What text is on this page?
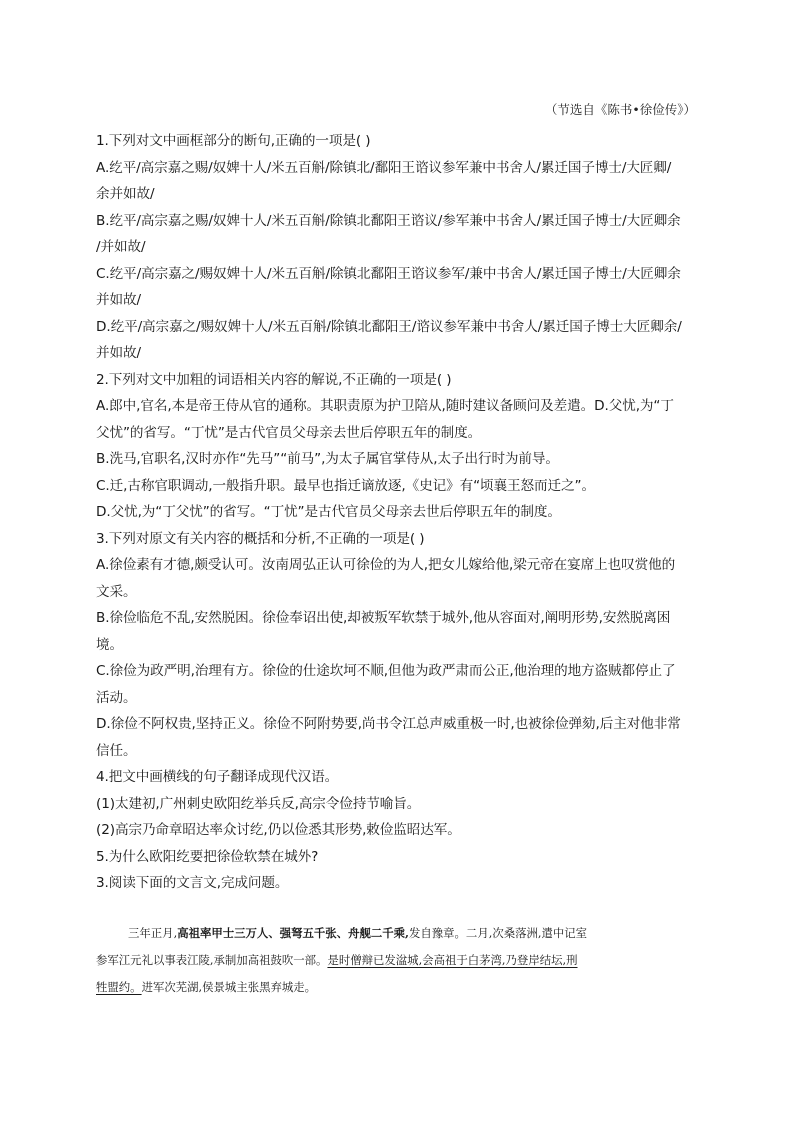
（节选自《陈书•徐俭传》）
1.下列对文中画框部分的断句,正确的一项是( )
A.纥平/高宗嘉之赐/奴婢十人/米五百斛/除镇北/鄱阳王谘议参军兼中书舍人/累迁国子博士/大匠卿/
余并如故/
B.纥平/高宗嘉之赐/奴婢十人/米五百斛/除镇北鄱阳王谘议/参军兼中书舍人/累迁国子博士/大匠卿余
/并如故/
C.纥平/高宗嘉之/赐奴婢十人/米五百斛/除镇北鄱阳王谘议参军/兼中书舍人/累迁国子博士/大匠卿余
并如故/
D.纥平/高宗嘉之/赐奴婢十人/米五百斛/除镇北鄱阳王/谘议参军兼中书舍人/累迁国子博士大匠卿余/
并如故/
2.下列对文中加粗的词语相关内容的解说,不正确的一项是( )
A.郎中,官名,本是帝王侍从官的通称。其职责原为护卫陪从,随时建议备顾问及差遣。D.父忧,为“丁
父忧”的省写。“丁忧”是古代官员父母亲去世后停职五年的制度。
B.洗马,官职名,汉时亦作“先马”“前马”,为太子属官掌侍从,太子出行时为前导。
C.迁,古称官职调动,一般指升职。最早也指迁谪放逐,《史记》有“顷襄王怒而迁之”。
D.父忧,为“丁父忧”的省写。“丁忧”是古代官员父母亲去世后停职五年的制度。
3.下列对原文有关内容的概括和分析,不正确的一项是( )
A.徐俭素有才德,颇受认可。汝南周弘正认可徐俭的为人,把女儿嫁给他,梁元帝在宴席上也叹赏他的
文采。
B.徐俭临危不乱,安然脱困。徐俭奉诏出使,却被叛军软禁于城外,他从容面对,阐明形势,安然脱离困
境。
C.徐俭为政严明,治理有方。徐俭的仕途坎坷不顺,但他为政严肃而公正,他治理的地方盗贼都停止了
活动。
D.徐俭不阿权贵,坚持正义。徐俭不阿附势要,尚书令江总声威重极一时,也被徐俭弹劾,后主对他非常
信任。
4.把文中画横线的句子翻译成现代汉语。
(1)太建初,广州刺史欧阳纥举兵反,高宗令俭持节喻旨。
(2)高宗乃命章昭达率众讨纥,仍以俭悉其形势,敕俭监昭达军。
5.为什么欧阳纥要把徐俭软禁在城外?
3.阅读下面的文言文,完成问题。
三年正月,高祖率甲士三万人、强弩五千张、舟舰二千乘,发自豫章。二月,次桑落洲,遣中记室
参军江元礼以事表江陵,承制加高祖鼓吹一部。是时僧辩已发湓城,会高祖于白茅湾,乃登岸结坛,刑
牲盟约。进军次芜湖,侯景城主张黑弃城走。
